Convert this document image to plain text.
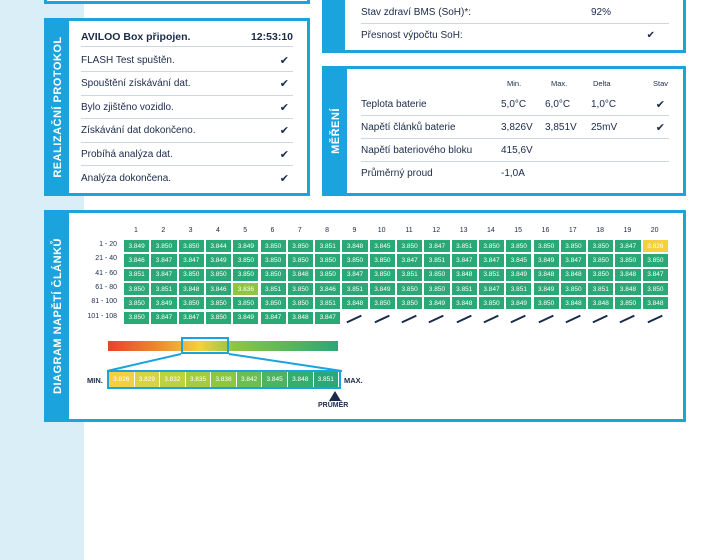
Stav zdraví BMS (SoH)*:	92%
Přesnost výpočtu SoH:	✔
REALIZAČNÍ PROTOKOL AVILOO Box připojen.	12:53:10
FLASH Test spuštěn.	✔
Spouštění získávání dat.	✔
Bylo zjištěno vozidlo.	✔
Získávání dat dokončeno.	✔
Probíhá analýza dat.	✔
Analýza dokončena.	✔
MĚŘENÍ
Min.	Max.	Delta	Stav
Teplota baterie	5,0°C 6,0°C 1,0°C	✔
Napětí článků baterie	3,826V 3,851V 25mV	✔
Napětí bateriového bloku	415,6V
Průměrný proud	-1,0A
DIAGRAM NAPĚTÍ ČLÁNKŮ
1	2	3	4	5	6	7	8	9	10	11	12	13	14	15	16	17	18	19	20
1 - 20	3.849	3.850	3.850	3.844	3.849	3.850	3.850	3.851	3.848	3.845	3.850	3.847	3.851	3.850	3.850	3.850	3.850	3.850	3.847	3.826
21 - 40	3.846	3.847	3.847	3.849	3.850	3.850	3.850	3.850	3.850	3.850	3.847	3.851	3.847	3.847	3.845	3.849	3.847	3.850	3.850	3.850
41 - 60	3.851	3.847	3.850	3.850	3.850	3.850	3.848	3.850	3.847	3.850	3.851	3.850	3.848	3.851	3.849	3.848	3.848	3.850	3.848	3.847
61 - 80	3.850	3.851	3.848	3.846	3.836	3.851	3.850	3.846	3.851	3.849	3.850	3.850	3.851	3.847	3.851	3.849	3.850	3.851	3.848	3.850
81 - 100	3.850	3.849	3.850	3.850	3.850	3.850	3.850	3.851	3.848	3.850	3.850	3.849	3.848	3.850	3.849	3.850	3.848	3.848	3.850	3.848
101 - 108	3.850	3.847	3.847	3.850	3.849	3.847	3.848	3.847
MIN.	3.826	3.829	3.832	3.835	3.838	3.842	3.845	3.848	3.851	MAX.
PRŮMĚR
